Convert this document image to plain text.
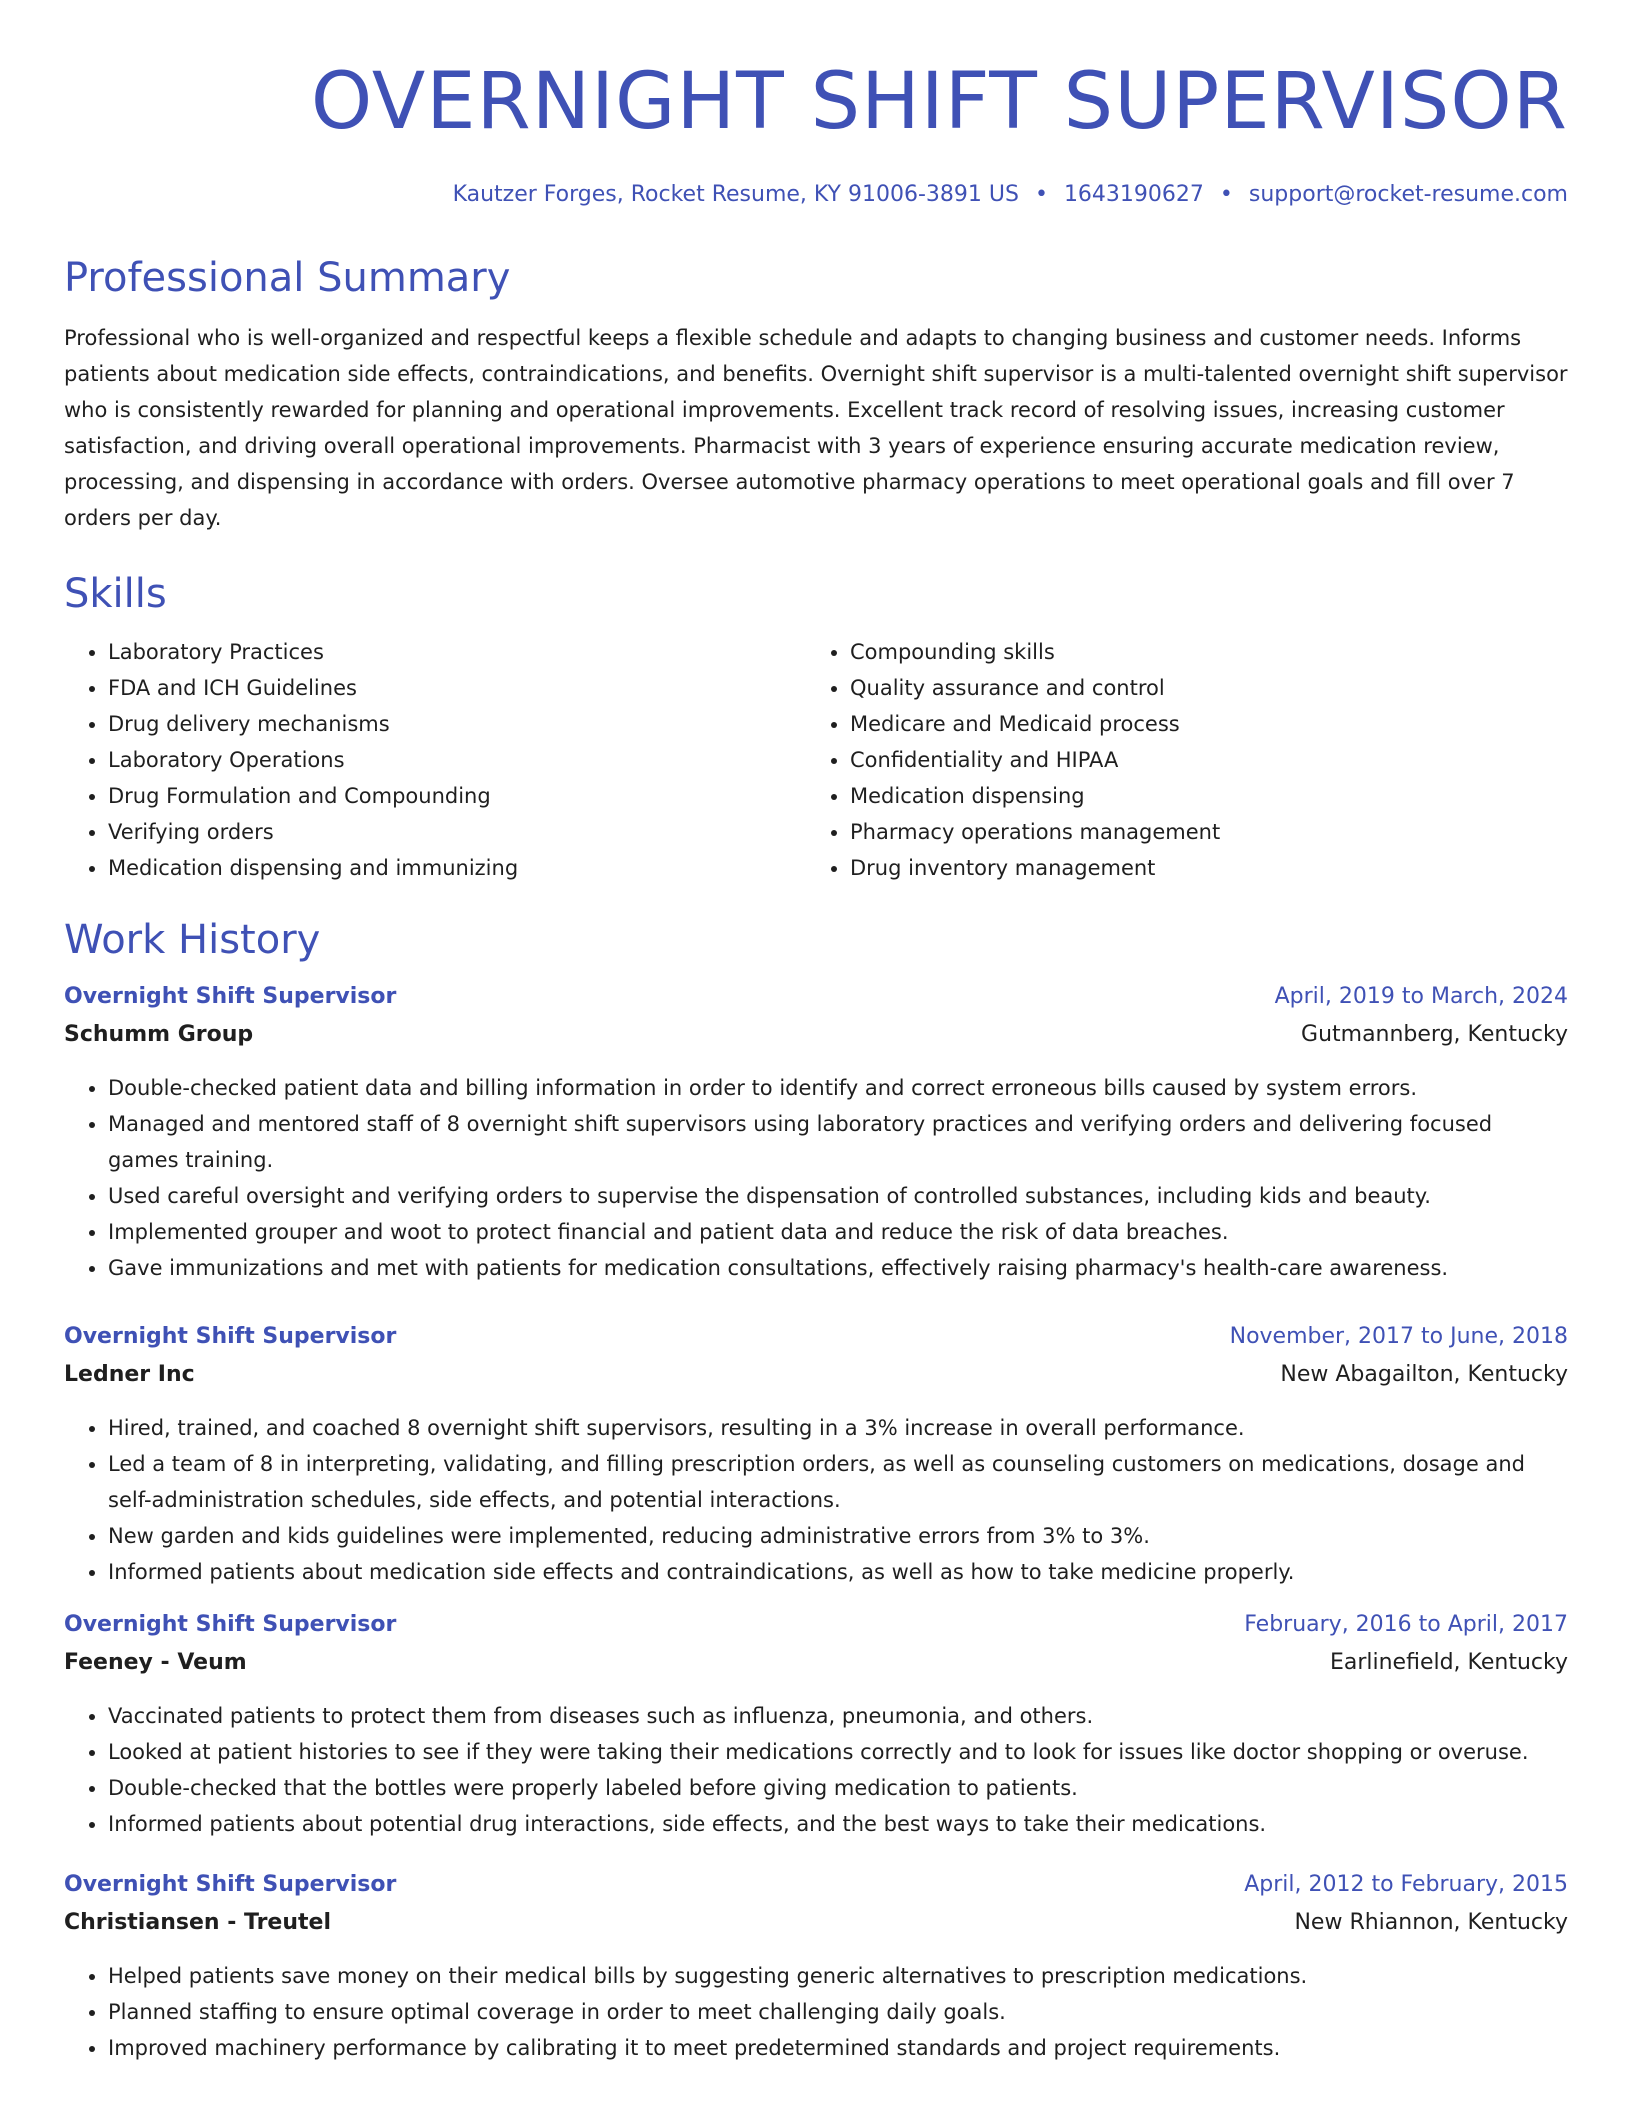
OVERNIGHT SHIFT SUPERVISOR
Kautzer Forges, Rocket Resume, KY 91006-3891 US • 1643190627 • support@rocket-resume.com
Professional Summary
Professional who is well-organized and respectful keeps a flexible schedule and adapts to changing business and customer needs. Informs patients about medication side effects, contraindications, and benefits. Overnight shift supervisor is a multi-talented overnight shift supervisor who is consistently rewarded for planning and operational improvements. Excellent track record of resolving issues, increasing customer satisfaction, and driving overall operational improvements. Pharmacist with 3 years of experience ensuring accurate medication review, processing, and dispensing in accordance with orders. Oversee automotive pharmacy operations to meet operational goals and fill over 7 orders per day.
Skills
• Laboratory Practices
• FDA and ICH Guidelines
• Drug delivery mechanisms
• Laboratory Operations
• Drug Formulation and Compounding
• Verifying orders
• Medication dispensing and immunizing
• Compounding skills
• Quality assurance and control
• Medicare and Medicaid process
• Confidentiality and HIPAA
• Medication dispensing
• Pharmacy operations management
• Drug inventory management
Work History
Overnight Shift Supervisor	April, 2019 to March, 2024
Schumm Group	Gutmannberg, Kentucky
• Double-checked patient data and billing information in order to identify and correct erroneous bills caused by system errors.
• Managed and mentored staff of 8 overnight shift supervisors using laboratory practices and verifying orders and delivering focused games training.
• Used careful oversight and verifying orders to supervise the dispensation of controlled substances, including kids and beauty.
• Implemented grouper and woot to protect financial and patient data and reduce the risk of data breaches.
• Gave immunizations and met with patients for medication consultations, effectively raising pharmacy's health-care awareness.
Overnight Shift Supervisor	November, 2017 to June, 2018
Ledner Inc	New Abagailton, Kentucky
• Hired, trained, and coached 8 overnight shift supervisors, resulting in a 3% increase in overall performance.
• Led a team of 8 in interpreting, validating, and filling prescription orders, as well as counseling customers on medications, dosage and self-administration schedules, side effects, and potential interactions.
• New garden and kids guidelines were implemented, reducing administrative errors from 3% to 3%.
• Informed patients about medication side effects and contraindications, as well as how to take medicine properly.
Overnight Shift Supervisor	February, 2016 to April, 2017
Feeney - Veum	Earlinefield, Kentucky
• Vaccinated patients to protect them from diseases such as influenza, pneumonia, and others.
• Looked at patient histories to see if they were taking their medications correctly and to look for issues like doctor shopping or overuse.
• Double-checked that the bottles were properly labeled before giving medication to patients.
• Informed patients about potential drug interactions, side effects, and the best ways to take their medications.
Overnight Shift Supervisor	April, 2012 to February, 2015
Christiansen - Treutel	New Rhiannon, Kentucky
• Helped patients save money on their medical bills by suggesting generic alternatives to prescription medications.
• Planned staffing to ensure optimal coverage in order to meet challenging daily goals.
• Improved machinery performance by calibrating it to meet predetermined standards and project requirements.
